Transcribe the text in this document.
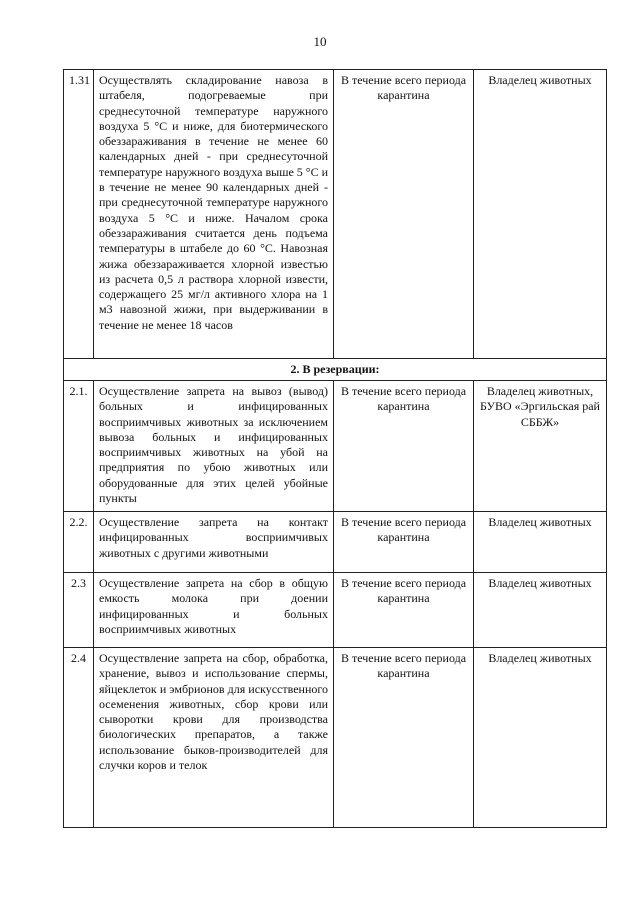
10
1.31	Осуществлять складирование навоза в штабеля, подогреваемые при среднесуточной температуре наружного воздуха 5 °С и ниже, для биотермического обеззараживания в течение не менее 60 календарных дней - при среднесуточной температуре наружного воздуха выше 5 °С и в течение не менее 90 календарных дней - при среднесуточной температуре наружного воздуха 5 °С и ниже. Началом срока обеззараживания считается день подъема температуры в штабеле до 60 °С. Навозная жижа обеззараживается хлорной известью из расчета 0,5 л раствора хлорной извести, содержащего 25 мг/л активного хлора на 1 м3 навозной жижи, при выдерживании в течение не менее 18 часов	В течение всего периода карантина	Владелец животных
2. В резервации:			
2.1.	Осуществление запрета на вывоз (вывод) больных и инфицированных восприимчивых животных за исключением вывоза больных и инфицированных восприимчивых животных на убой на предприятия по убою животных или оборудованные для этих целей убойные пункты	В течение всего периода карантина	Владелец животных, БУВО «Эргильская рай СББЖ»
2.2.	Осуществление запрета на контакт инфицированных восприимчивых животных с другими животными	В течение всего периода карантина	Владелец животных
2.3	Осуществление запрета на сбор в общую емкость молока при доении инфицированных и больных восприимчивых животных	В течение всего периода карантина	Владелец животных
2.4	Осуществление запрета на сбор, обработка, хранение, вывоз и использование спермы, яйцеклеток и эмбрионов для искусственного осеменения животных, сбор крови или сыворотки крови для производства биологических препаратов, а также использование быков-производителей для случки коров и телок	В течение всего периода карантина	Владелец животных
